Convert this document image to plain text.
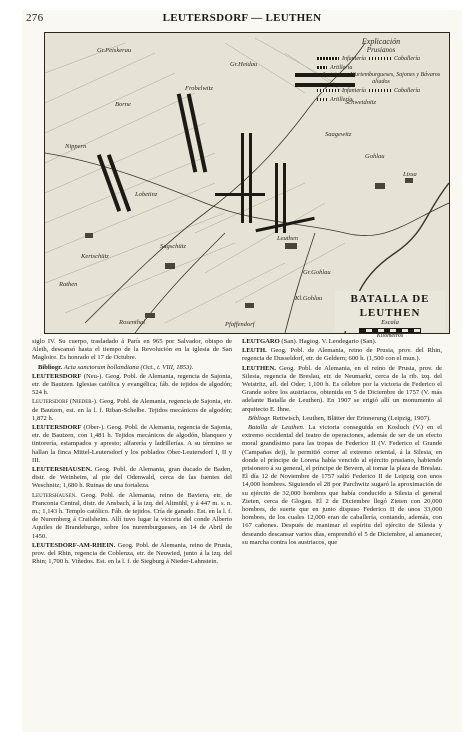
276	LEUTERSDORF — LEUTHEN
Saagewitz
Gohlau
Lissa
Leuthen
Frobelwitz
Sagschütz
Lobetinz
Gr.Gohlau
Gr.Heidau
Borne
Kertschütz
Rathen
Gr.Peiskerau
Kl.Gohlau
Pfaffendorf
Rosenthal
Schweidnitz
Nippern
Explicación
Prusianos
Infantería	Caballería
Artillería
Austriacos, Wurtemburgueses, Sajones y Bávaros aliados
Infantería	Caballería
Artillería
BATALLA DE
LEUTHEN
Escala
Kilómetros

siglo IV. Su cuerpo, trasladado á París en 965 por Salvador, obispo de Aleth, descansó hasta el tiempo de la Revolución en la iglesia de San Magloire. Es honrado el 17 de Octubre.

Bibliogr. Acta sanctorum bollandiana (Oct., t. VIII, 1853).

LEUTERSDORF (Neu-). Geog. Pobl. de Alemania, regencia de Sajonia, etr. de Bautzen. Iglesias católica y evangélica; fáb. de tejidos de algodón; 524 h.

Leutersdorf (Nieder-). Geog. Pobl. de Alemania, regencia de Sajonia, etr. de Bautzen, est. en la l. f. Riban-Schelbe. Tejidos mecánicos de algodón; 1,872 h.

LEUTERSDORF (Ober-). Geog. Pobl. de Alemania, regencia de Sajonia, etr. de Bautzen, con 1,481 h. Tejidos mecánicos de algodón, blanqueo y tintorería, estampados y apresto; alfarería y ladrillerías. A su término se hallan la finca Mittel-Leutersdorf y los poblados Ober-Leutersdorf I, II y III.

LEUTERSHAUSEN. Geog. Pobl. de Alemania, gran ducado de Baden, distr. de Weinheim, al pie del Odenwald, cerca de las fuentes del Weschnitz; 1,680 h. Ruinas de una fortaleza.

Leutershausen. Geog. Pobl. de Alemania, reino de Baviera, etr. de Franconia Central, distr. de Ansbach, á la izq. del Altmühl, y á 447 m. s. n. m.; 1,143 h. Templo católico. Fáb. de tejidos. Cría de ganado. Est. en la l. f. de Nuremberg á Crailsheim. Allí tuvo lugar la victoria del conde Alberto Aquiles de Brandeburgo, sobre los nuremburgueses, en 14 de Abril de 1450.

LEUTESDORF-AM-RHEIN. Geog. Pobl. de Alemania, reino de Prusia, prov. del Rhin, regencia de Coblenza, etr. de Neuwied, junto á la izq. del Rhin; 1,700 h. Viñedos. Est. en la l. f. de Siegburg á Nieder-Lahnstein.

LEUTGARO (San). Hagiog. V. Leodegario (San).

LEUTH. Geog. Pobl. de Alemania, reino de Prusia, prov. del Rhin, regencia de Dusseldorf, etr. de Geldern; 600 h. (1,500 con el mun.).

LEUTHEN. Geog. Pobl. de Alemania, en el reino de Prusia, prov. de Silesia, regencia de Breslau, etr. de Neumarkt, cerca de la rib. izq. del Weistritz, afl. del Oder; 1,100 h. Es célebre por la victoria de Federico el Grande sobre los austriacos, obtenida en 5 de Diciembre de 1757 (V. más adelante Batalla de Leuthen). En 1907 se erigió allí un monumento al arquitecto E. Ihne.

Bibliogr. Rettwisch, Leuthen, Blätter der Erinnerung (Leipzig, 1907).

Batalla de Leuthen. La victoria conseguida en Kosluch (V.) en el extremo occidental del teatro de operaciones, además de ser de un efecto moral grandísimo para las tropas de Federico II (V. Federico el Grande (Campañas de)), le permitió correr al extremo oriental, á la Silesia, en donde el príncipe de Lorena había vencido al ejército prusiano, habiendo prisionero á su general, el príncipe de Bevern, al tomar la plaza de Breslau. El día 12 de Noviembre de 1757 salió Federico II de Leipzig con unos 14,000 hombres. Siguiendo el 28 por Parchwitz sugaró la aproximación de su ejército de 32,000 hombres que había conducido a Silesia el general Zieten, cerca de Glogau. El 2 de Diciembre llegó Zieten con 20,000 hombres, de suerte que en junto dispuso Federico II de unos 33,000 hombres, de los cuales 12,000 eran de caballería, contando, además, con 167 cañones. Después de reanimar el espíritu del ejército de Silesia y deseando descansar varios días, emprendió el 5 de Diciembre, al amanecer, su marcha contra los austriacos, que
